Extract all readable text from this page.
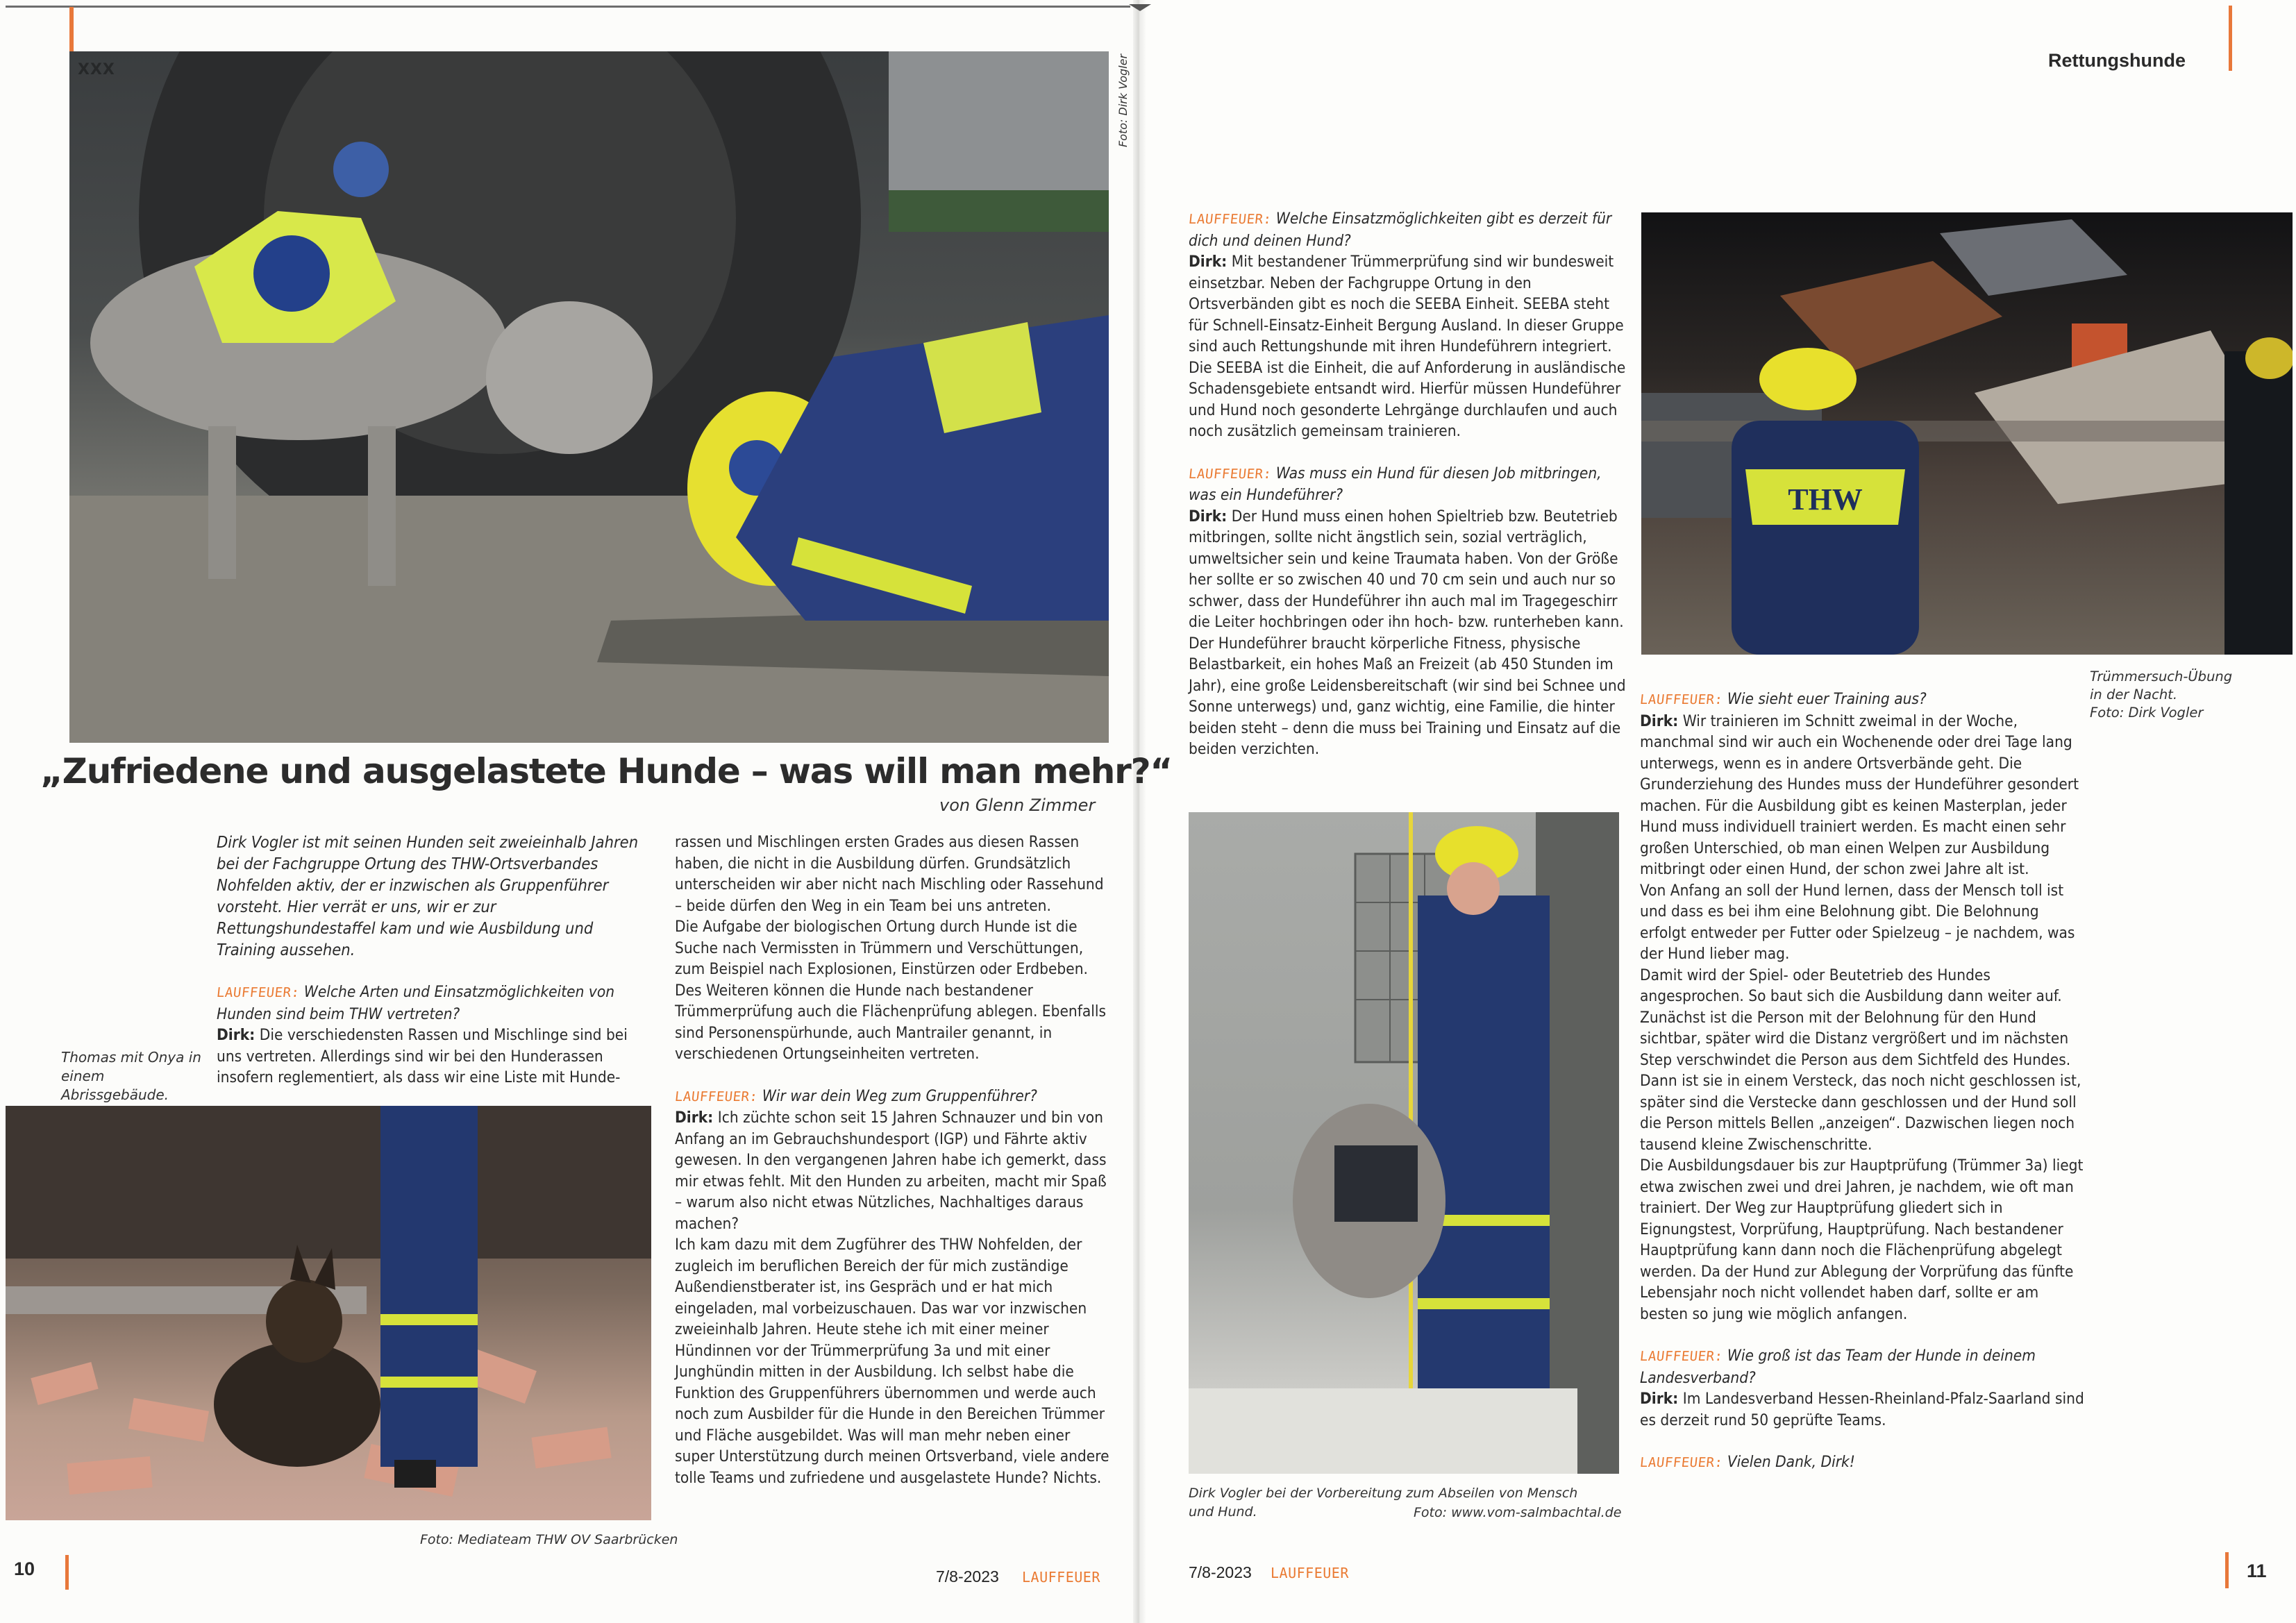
XXX	Foto: Dirk Vogler
„Zufriedene und ausgelastete Hunde – was will man mehr?“
von Glenn Zimmer

Dirk Vogler ist mit seinen Hunden seit zweieinhalb Jahren bei der Fachgruppe Ortung des THW-Ortsverbandes Nohfelden aktiv, der er inzwischen als Gruppenführer vorsteht. Hier verrät er uns, wir er zur Rettungshundestaffel kam und wie Ausbildung und Training aussehen.

LAUFFEUER: Welche Arten und Einsatzmöglichkeiten von Hunden sind beim THW vertreten?

Dirk: Die verschiedensten Rassen und Mischlinge sind bei uns vertreten. Allerdings sind wir bei den Hunderassen insofern reglementiert, als dass wir eine Liste mit Hunde-

Thomas mit Onya in einem Abrissgebäude.
Foto: Mediateam THW OV Saarbrücken

rassen und Mischlingen ersten Grades aus diesen Rassen haben, die nicht in die Ausbildung dürfen. Grundsätzlich unterscheiden wir aber nicht nach Mischling oder Rassehund – beide dürfen den Weg in ein Team bei uns antreten.

Die Aufgabe der biologischen Ortung durch Hunde ist die Suche nach Vermissten in Trümmern und Verschüttungen, zum Beispiel nach Explosionen, Einstürzen oder Erdbeben. Des Weiteren können die Hunde nach bestandener Trümmerprüfung auch die Flächenprüfung ablegen. Ebenfalls sind Personenspürhunde, auch Mantrailer genannt, in verschiedenen Ortungseinheiten vertreten.

LAUFFEUER: Wir war dein Weg zum Gruppenführer?

Dirk: Ich züchte schon seit 15 Jahren Schnauzer und bin von Anfang an im Gebrauchshundesport (IGP) und Fährte aktiv gewesen. In den vergangenen Jahren habe ich gemerkt, dass mir etwas fehlt. Mit den Hunden zu arbeiten, macht mir Spaß – warum also nicht etwas Nützliches, Nachhaltiges daraus machen?

Ich kam dazu mit dem Zugführer des THW Nohfelden, der zugleich im beruflichen Bereich der für mich zuständige Außendienstberater ist, ins Gespräch und er hat mich eingeladen, mal vorbeizuschauen. Das war vor inzwischen zweieinhalb Jahren. Heute stehe ich mit einer meiner Hündinnen vor der Trümmerprüfung 3a und mit einer Junghündin mitten in der Ausbildung. Ich selbst habe die Funktion des Gruppenführers übernommen und werde auch noch zum Ausbilder für die Hunde in den Bereichen Trümmer und Fläche ausgebildet. Was will man mehr neben einer super Unterstützung durch meinen Ortsverband, viele andere tolle Teams und zufriedene und ausgelastete Hunde? Nichts.

10	7/8-2023 LAUFFEUER
Rettungshunde

LAUFFEUER: Welche Einsatzmöglichkeiten gibt es derzeit für dich und deinen Hund?

Dirk: Mit bestandener Trümmerprüfung sind wir bundesweit einsetzbar. Neben der Fachgruppe Ortung in den Ortsverbänden gibt es noch die SEEBA Einheit. SEEBA steht für Schnell-Einsatz-Einheit Bergung Ausland. In dieser Gruppe sind auch Rettungshunde mit ihren Hundeführern integriert. Die SEEBA ist die Einheit, die auf Anforderung in ausländische Schadensgebiete entsandt wird. Hierfür müssen Hundeführer und Hund noch gesonderte Lehrgänge durchlaufen und auch noch zusätzlich gemeinsam trainieren.

LAUFFEUER: Was muss ein Hund für diesen Job mitbringen, was ein Hundeführer?

Dirk: Der Hund muss einen hohen Spieltrieb bzw. Beutetrieb mitbringen, sollte nicht ängstlich sein, sozial verträglich, umweltsicher sein und keine Traumata haben. Von der Größe her sollte er so zwischen 40 und 70 cm sein und auch nur so schwer, dass der Hundeführer ihn auch mal im Tragegeschirr die Leiter hochbringen oder ihn hoch- bzw. runterheben kann.

Der Hundeführer braucht körperliche Fitness, physische Belastbarkeit, ein hohes Maß an Freizeit (ab 450 Stunden im Jahr), eine große Leidensbereitschaft (wir sind bei Schnee und Sonne unterwegs) und, ganz wichtig, eine Familie, die hinter beiden steht – denn die muss bei Training und Einsatz auf die beiden verzichten.

Dirk Vogler bei der Vorbereitung zum Abseilen von Mensch und Hund.	Foto: www.vom-salmbachtal.de
THW
Trümmersuch-Übung
in der Nacht.
Foto: Dirk Vogler

LAUFFEUER: Wie sieht euer Training aus?

Dirk: Wir trainieren im Schnitt zweimal in der Woche, manchmal sind wir auch ein Wochenende oder drei Tage lang unterwegs, wenn es in andere Ortsverbände geht. Die Grunderziehung des Hundes muss der Hundeführer gesondert machen. Für die Ausbildung gibt es keinen Masterplan, jeder Hund muss individuell trainiert werden. Es macht einen sehr großen Unterschied, ob man einen Welpen zur Ausbildung mitbringt oder einen Hund, der schon zwei Jahre alt ist.

Von Anfang an soll der Hund lernen, dass der Mensch toll ist und dass es bei ihm eine Belohnung gibt. Die Belohnung erfolgt entweder per Futter oder Spielzeug – je nachdem, was der Hund lieber mag.

Damit wird der Spiel- oder Beutetrieb des Hundes angesprochen. So baut sich die Ausbildung dann weiter auf. Zunächst ist die Person mit der Belohnung für den Hund sichtbar, später wird die Distanz vergrößert und im nächsten Step verschwindet die Person aus dem Sichtfeld des Hundes. Dann ist sie in einem Versteck, das noch nicht geschlossen ist, später sind die Verstecke dann geschlossen und der Hund soll die Person mittels Bellen „anzeigen“. Dazwischen liegen noch tausend kleine Zwischenschritte.

Die Ausbildungsdauer bis zur Hauptprüfung (Trümmer 3a) liegt etwa zwischen zwei und drei Jahren, je nachdem, wie oft man trainiert. Der Weg zur Hauptprüfung gliedert sich in Eignungstest, Vorprüfung, Hauptprüfung. Nach bestandener Hauptprüfung kann dann noch die Flächenprüfung abgelegt werden. Da der Hund zur Ablegung der Vorprüfung das fünfte Lebensjahr noch nicht vollendet haben darf, sollte er am besten so jung wie möglich anfangen.

LAUFFEUER: Wie groß ist das Team der Hunde in deinem Landesverband?

Dirk: Im Landesverband Hessen-Rheinland-Pfalz-Saarland sind es derzeit rund 50 geprüfte Teams.

LAUFFEUER: Vielen Dank, Dirk!

7/8-2023 LAUFFEUER	11
